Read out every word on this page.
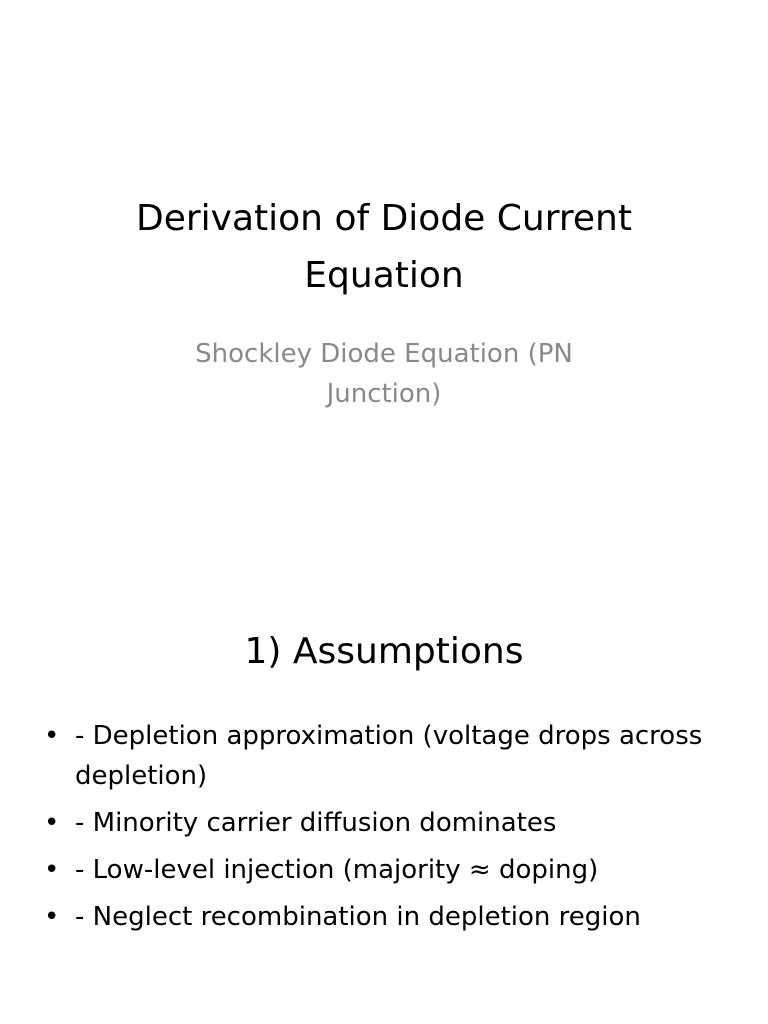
Derivation of Diode Current Equation

Shockley Diode Equation (PN Junction)

1) Assumptions
• - Depletion approximation (voltage drops across depletion)
• - Minority carrier diffusion dominates
• - Low-level injection (majority ≈ doping)
• - Neglect recombination in depletion region
